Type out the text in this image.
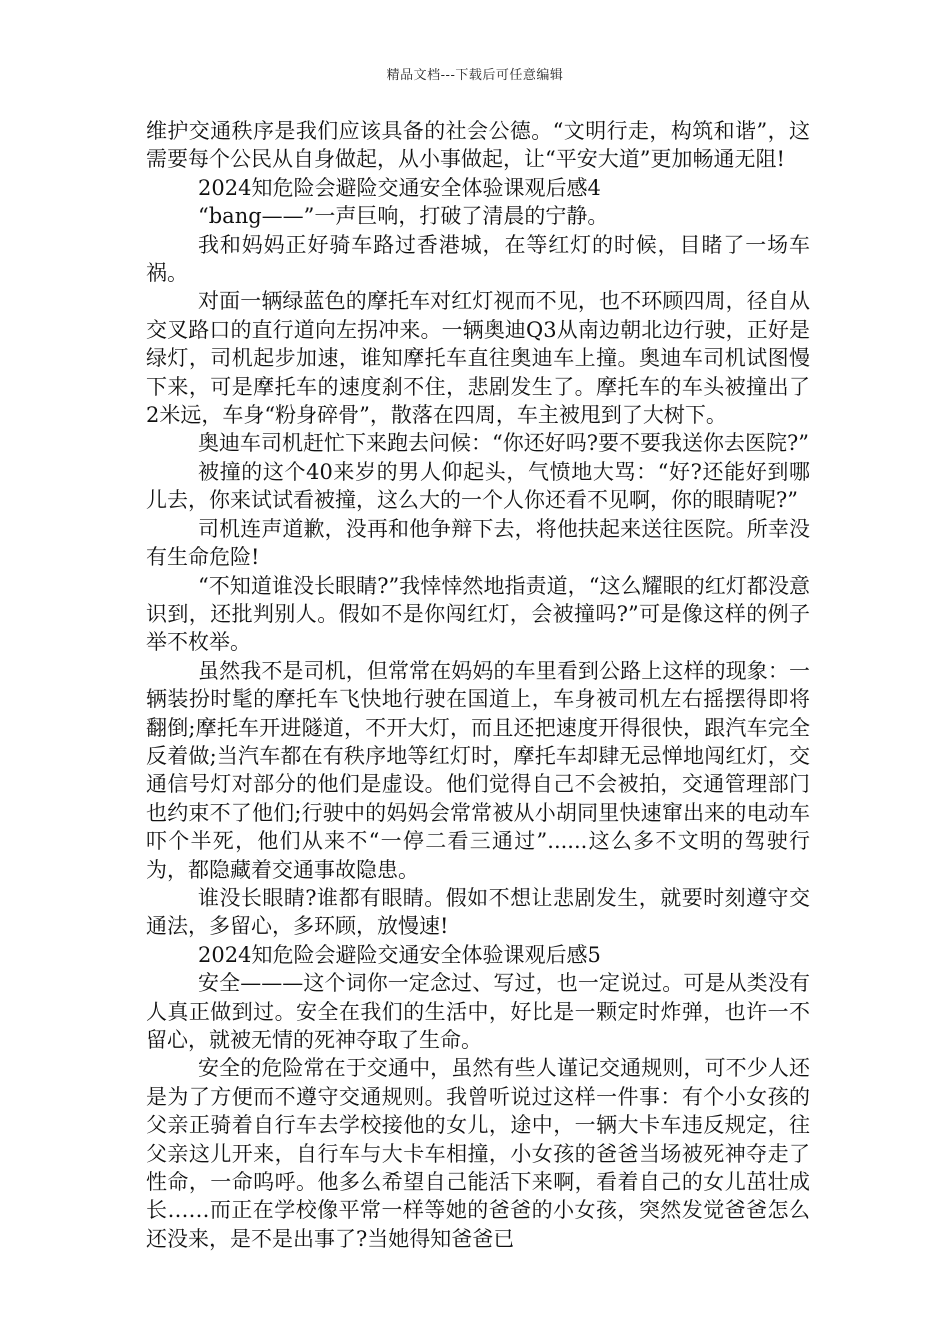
精品文档---下载后可任意编辑

维护交通秩序是我们应该具备的社会公德。“文明行走，构筑和谐”，这需要每个公民从自身做起，从小事做起，让“平安大道”更加畅通无阻!

2024知危险会避险交通安全体验课观后感4

“bang——”一声巨响，打破了清晨的宁静。

我和妈妈正好骑车路过香港城，在等红灯的时候，目睹了一场车祸。

对面一辆绿蓝色的摩托车对红灯视而不见，也不环顾四周，径自从交叉路口的直行道向左拐冲来。一辆奥迪Q3从南边朝北边行驶，正好是绿灯，司机起步加速，谁知摩托车直往奥迪车上撞。奥迪车司机试图慢下来，可是摩托车的速度刹不住，悲剧发生了。摩托车的车头被撞出了2米远，车身“粉身碎骨”，散落在四周，车主被甩到了大树下。

奥迪车司机赶忙下来跑去问候：“你还好吗?要不要我送你去医院?”

被撞的这个40来岁的男人仰起头，气愤地大骂：“好?还能好到哪儿去，你来试试看被撞，这么大的一个人你还看不见啊，你的眼睛呢?”

司机连声道歉，没再和他争辩下去，将他扶起来送往医院。所幸没有生命危险!

“不知道谁没长眼睛?”我悻悻然地指责道，“这么耀眼的红灯都没意识到，还批判别人。假如不是你闯红灯，会被撞吗?”可是像这样的例子举不枚举。

虽然我不是司机，但常常在妈妈的车里看到公路上这样的现象：一辆装扮时髦的摩托车飞快地行驶在国道上，车身被司机左右摇摆得即将翻倒;摩托车开进隧道，不开大灯，而且还把速度开得很快，跟汽车完全反着做;当汽车都在有秩序地等红灯时，摩托车却肆无忌惮地闯红灯，交通信号灯对部分的他们是虚设。他们觉得自己不会被拍，交通管理部门也约束不了他们;行驶中的妈妈会常常被从小胡同里快速窜出来的电动车吓个半死，他们从来不“一停二看三通过”......这么多不文明的驾驶行为，都隐藏着交通事故隐患。

谁没长眼睛?谁都有眼睛。假如不想让悲剧发生，就要时刻遵守交通法，多留心，多环顾，放慢速!

2024知危险会避险交通安全体验课观后感5

安全———这个词你一定念过、写过，也一定说过。可是从类没有人真正做到过。安全在我们的生活中，好比是一颗定时炸弹，也许一不留心，就被无情的死神夺取了生命。

安全的危险常在于交通中，虽然有些人谨记交通规则，可不少人还是为了方便而不遵守交通规则。我曾听说过这样一件事：有个小女孩的父亲正骑着自行车去学校接他的女儿，途中，一辆大卡车违反规定，往父亲这儿开来，自行车与大卡车相撞，小女孩的爸爸当场被死神夺走了性命，一命呜呼。他多么希望自己能活下来啊，看着自己的女儿茁壮成长……而正在学校像平常一样等她的爸爸的小女孩，突然发觉爸爸怎么还没来，是不是出事了?当她得知爸爸已
